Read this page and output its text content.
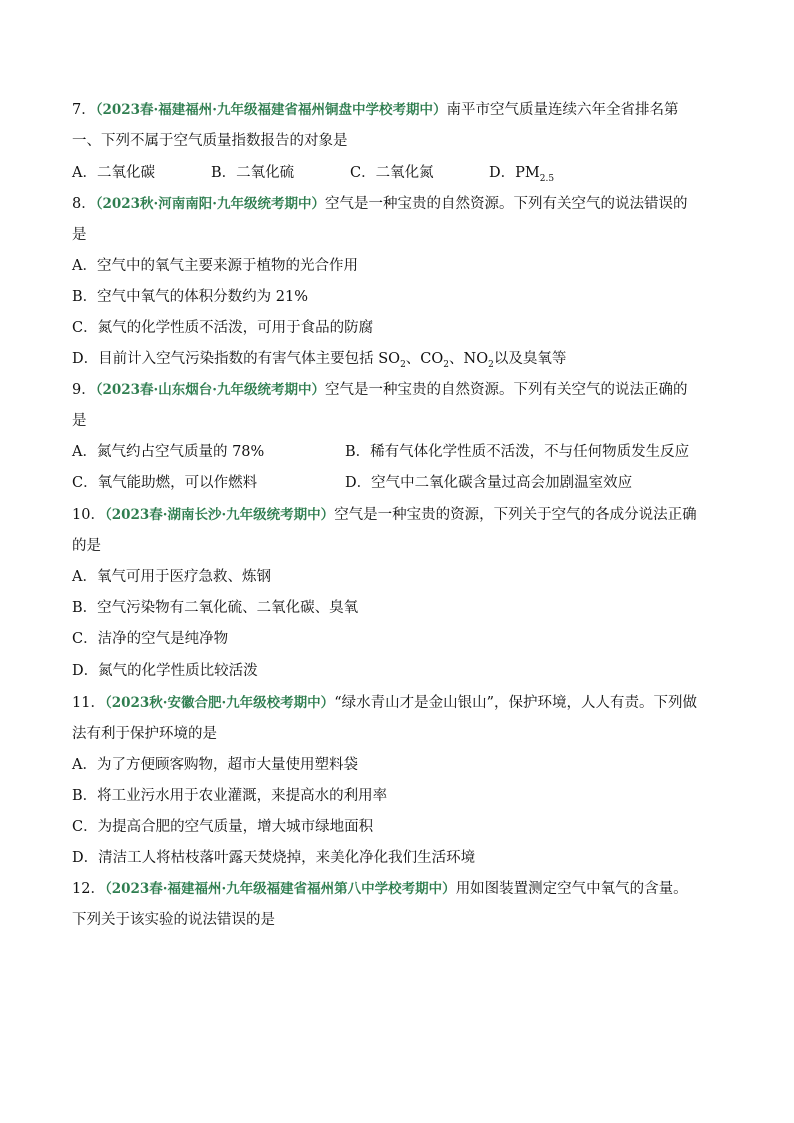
7．（2023春·福建福州·九年级福建省福州铜盘中学校考期中）南平市空气质量连续六年全省排名第
一、下列不属于空气质量指数报告的对象是
A．二氧化碳	B．二氧化硫	C．二氧化氮	D．$PM_{2.5}$
8．（2023秋·河南南阳·九年级统考期中）空气是一种宝贵的自然资源。下列有关空气的说法错误的
是
A．空气中的氧气主要来源于植物的光合作用
B．空气中氧气的体积分数约为 21%
C．氮气的化学性质不活泼，可用于食品的防腐
D．目前计入空气污染指数的有害气体主要包括 $SO_2$、$CO_2$、$NO_2$以及臭氧等
9．（2023春·山东烟台·九年级统考期中）空气是一种宝贵的自然资源。下列有关空气的说法正确的
是
A．氮气约占空气质量的 78%	B．稀有气体化学性质不活泼，不与任何物质发生反应
C．氧气能助燃，可以作燃料	D．空气中二氧化碳含量过高会加剧温室效应
10．（2023春·湖南长沙·九年级统考期中）空气是一种宝贵的资源，下列关于空气的各成分说法正确
的是
A．氧气可用于医疗急救、炼钢
B．空气污染物有二氧化硫、二氧化碳、臭氧
C．洁净的空气是纯净物
D．氮气的化学性质比较活泼
11．（2023秋·安徽合肥·九年级校考期中）“绿水青山才是金山银山”，保护环境，人人有责。下列做
法有利于保护环境的是
A．为了方便顾客购物，超市大量使用塑料袋
B．将工业污水用于农业灌溉，来提高水的利用率
C．为提高合肥的空气质量，增大城市绿地面积
D．清洁工人将枯枝落叶露天焚烧掉，来美化净化我们生活环境
12．（2023春·福建福州·九年级福建省福州第八中学校考期中）用如图装置测定空气中氧气的含量。
下列关于该实验的说法错误的是
